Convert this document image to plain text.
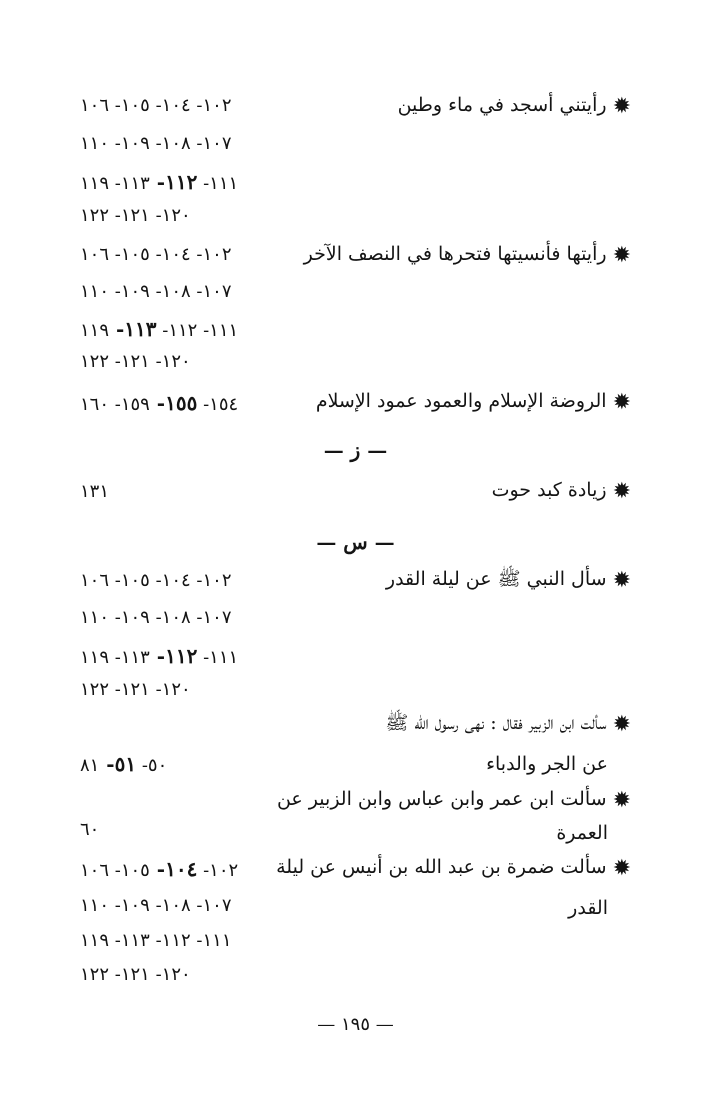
✹رأيتني أسجد في ماء وطين
١٠٢- ١٠٤- ١٠٥- ١٠٦
١٠٧- ١٠٨- ١٠٩- ١١٠
١١١- ١١٢- ١١٣- ١١٩
١٢٠- ١٢١- ١٢٢
✹رأيتها فأنسيتها فتحرها في النصف الآخر
١٠٢- ١٠٤- ١٠٥- ١٠٦
١٠٧- ١٠٨- ١٠٩- ١١٠
١١١- ١١٢- ١١٣- ١١٩
١٢٠- ١٢١- ١٢٢
✹الروضة الإسلام والعمود عمود الإسلام
١٥٤- ١٥٥- ١٥٩- ١٦٠
— ز —
✹زيادة كبد حوت
١٣١
— س —
✹سأل النبي ﷺ عن ليلة القدر
١٠٢- ١٠٤- ١٠٥- ١٠٦
١٠٧- ١٠٨- ١٠٩- ١١٠
١١١- ١١٢- ١١٣- ١١٩
١٢٠- ١٢١- ١٢٢
✹سألت ابن الزبير فقال : نهى رسول الله ﷺ
عن الجر والدباء
٥٠- ٥١- ٨١
✹سألت ابن عمر وابن عباس وابن الزبير عن
العمرة
٦٠
✹سألت ضمرة بن عبد الله بن أنيس عن ليلة
١٠٢- ١٠٤- ١٠٥- ١٠٦
القدر
١٠٧- ١٠٨- ١٠٩- ١١٠
١١١- ١١٢- ١١٣- ١١٩
١٢٠- ١٢١- ١٢٢
— ١٩٥ —
